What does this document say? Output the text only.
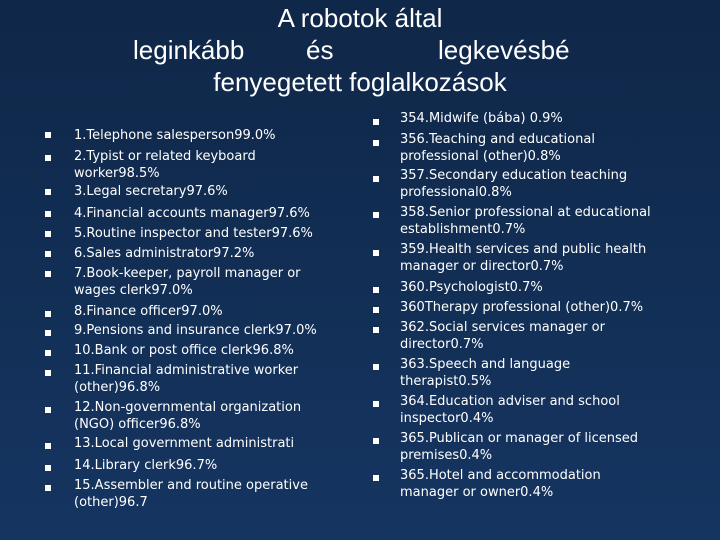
A robotok által
leginkább és	legkevésbé
fenyegetett foglalkozások
1.Telephone salesperson99.0%
2.Typist or related keyboard
worker98.5%
3.Legal secretary97.6%
4.Financial accounts manager97.6%
5.Routine inspector and tester97.6%
6.Sales administrator97.2%
7.Book-keeper, payroll manager or
wages clerk97.0%
8.Finance officer97.0%
9.Pensions and insurance clerk97.0%
10.Bank or post office clerk96.8%
11.Financial administrative worker
(other)96.8%
12.Non-governmental organization
(NGO) officer96.8%
13.Local government administrati
14.Library clerk96.7%
15.Assembler and routine operative
(other)96.7
354.Midwife (bába) 0.9%
356.Teaching and educational
professional (other)0.8%
357.Secondary education teaching
professional0.8%
358.Senior professional at educational
establishment0.7%
359.Health services and public health
manager or director0.7%
360.Psychologist0.7%
360Therapy professional (other)0.7%
362.Social services manager or
director0.7%
363.Speech and language
therapist0.5%
364.Education adviser and school
inspector0.4%
365.Publican or manager of licensed
premises0.4%
365.Hotel and accommodation
manager or owner0.4%
